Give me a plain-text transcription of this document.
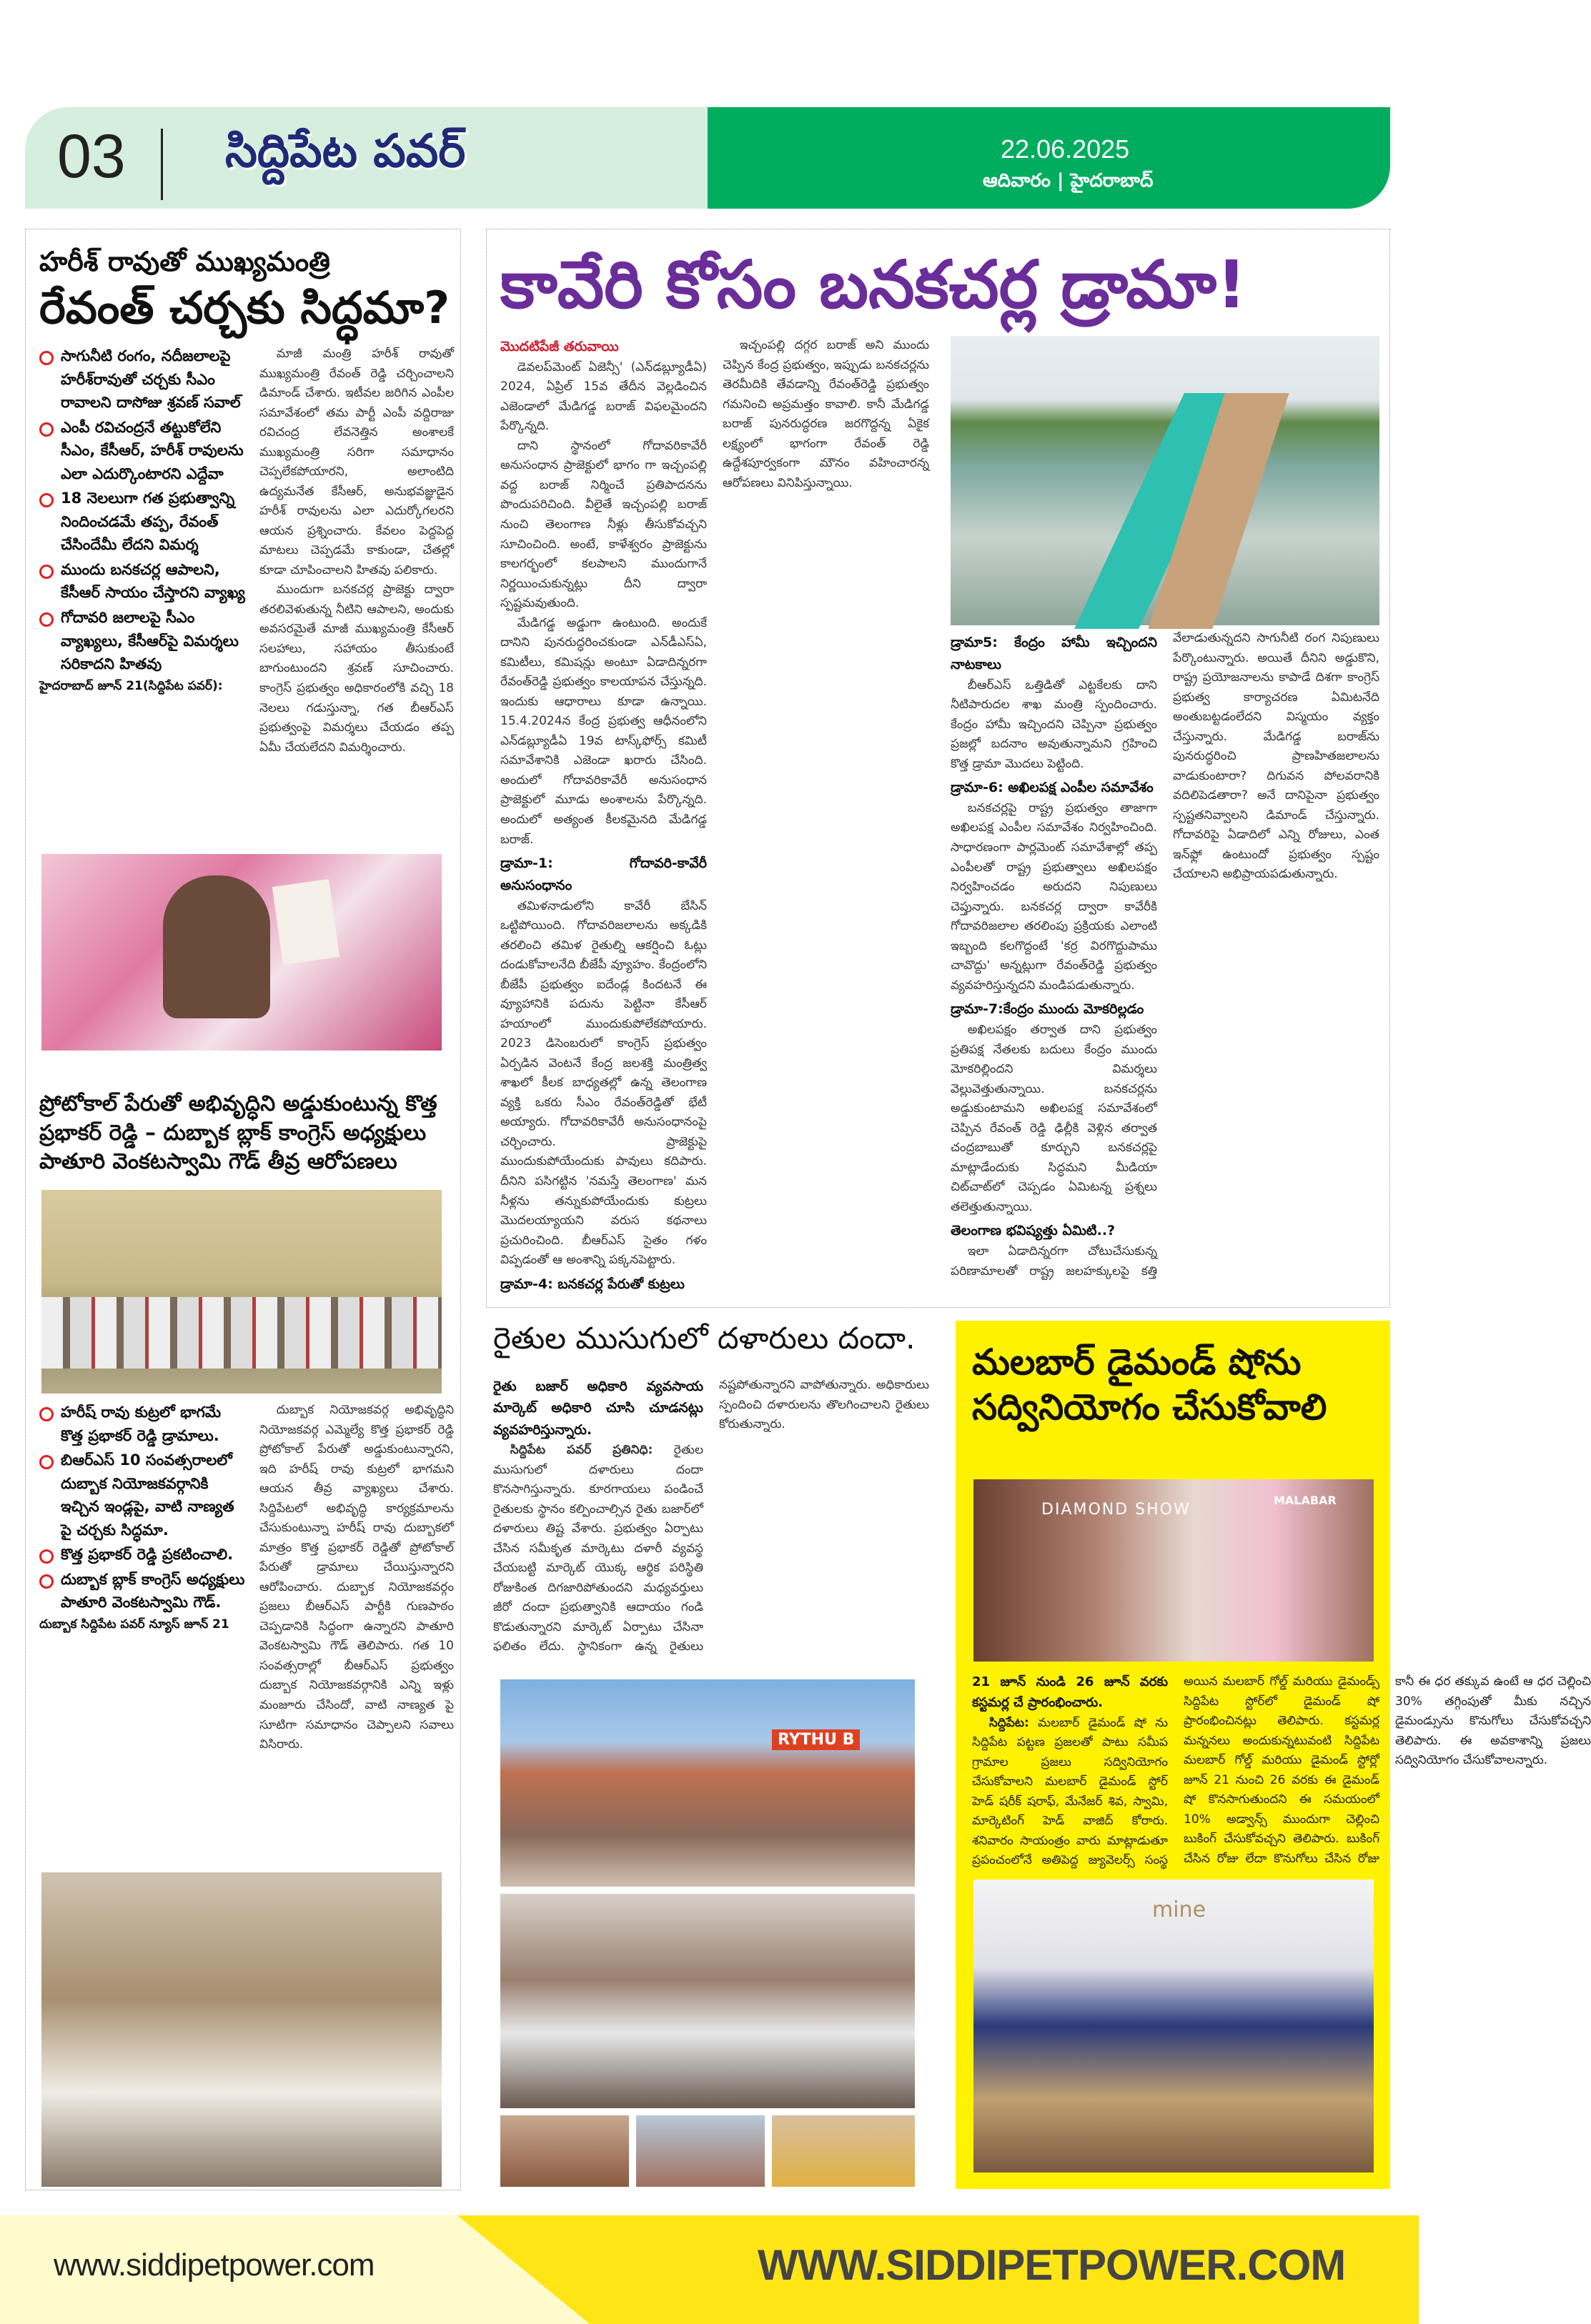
03 సిద్దిపేట పవర్	22.06.2025
ఆదివారం | హైదరాబాద్
హరీశ్ రావుతో ముఖ్యమంత్రి
రేవంత్ చర్చకు సిద్ధమా?
సాగునీటి రంగం, నదీజలాలపై హరీశ్‌రావుతో చర్చకు సీఎం రావాలని దాసోజు శ్రవణ్ సవాల్
ఎంపీ రవిచంద్రనే తట్టుకోలేని సీఎం, కేసీఆర్, హరీశ్ రావులను ఎలా ఎదుర్కొంటారని ఎద్దేవా
18 నెలలుగా గత ప్రభుత్వాన్ని నిందించడమే తప్ప, రేవంత్ చేసిందేమీ లేదని విమర్శ
ముందు బనకచర్ల ఆపాలని, కేసీఆర్ సాయం చేస్తారని వ్యాఖ్య
గోదావరి జలాలపై సీఎం వ్యాఖ్యలు, కేసీఆర్‌పై విమర్శలు సరికాదని హితవు
హైదరాబాద్ జూన్ 21(సిద్దిపేట పవర్):

మాజీ మంత్రి హరీశ్ రావుతో ముఖ్యమంత్రి రేవంత్ రెడ్డి చర్చించాలని డిమాండ్ చేశారు. ఇటీవల జరిగిన ఎంపీల సమావేశంలో తమ పార్టీ ఎంపీ వద్దిరాజు రవిచంద్ర లేవనెత్తిన అంశాలకే ముఖ్యమంత్రి సరిగా సమాధానం చెప్పలేకపోయారని, అలాంటిది ఉద్యమనేత కేసీఆర్, అనుభవజ్ఞుడైన హరీశ్ రావులను ఎలా ఎదుర్కోగలరని ఆయన ప్రశ్నించారు. కేవలం పెద్దపెద్ద మాటలు చెప్పడమే కాకుండా, చేతల్లో కూడా చూపించాలని హితవు పలికారు.

ముందుగా బనకచర్ల ప్రాజెక్టు ద్వారా తరలివెళుతున్న నీటిని ఆపాలని, అందుకు అవసరమైతే మాజీ ముఖ్యమంత్రి కేసీఆర్ సలహాలు, సహాయం తీసుకుంటే బాగుంటుందని శ్రవణ్ సూచించారు. కాంగ్రెస్ ప్రభుత్వం అధికారంలోకి వచ్చి 18 నెలలు గడుస్తున్నా, గత బీఆర్ఎస్ ప్రభుత్వంపై విమర్శలు చేయడం తప్ప ఏమీ చేయలేదని విమర్శించారు.

ప్రోటోకాల్ పేరుతో అభివృద్ధిని అడ్డుకుంటున్న కొత్త ప్రభాకర్ రెడ్డి – దుబ్బాక బ్లాక్ కాంగ్రెస్ అధ్యక్షులు పాతూరి వెంకటస్వామి గౌడ్ తీవ్ర ఆరోపణలు
హరీష్ రావు కుట్రలో భాగమే కొత్త ప్రభాకర్ రెడ్డి డ్రామాలు.
బిఆర్ఎస్ 10 సంవత్సరాలలో దుబ్బాక నియోజకవర్గానికి ఇచ్చిన ఇండ్లపై, వాటి నాణ్యత పై చర్చకు సిద్ధమా.
కొత్త ప్రభాకర్ రెడ్డి ప్రకటించాలి.
దుబ్బాక బ్లాక్ కాంగ్రెస్ అధ్యక్షులు పాతూరి వెంకటస్వామి గౌడ్.
దుబ్బాక సిద్దిపేట పవర్ న్యూస్ జూన్ 21

దుబ్బాక నియోజకవర్గ అభివృద్ధిని నియోజకవర్గ ఎమ్మెల్యే కొత్త ప్రభాకర్ రెడ్డి ప్రోటోకాల్ పేరుతో అడ్డుకుంటున్నారని, ఇది హరీష్ రావు కుట్రలో భాగమని ఆయన తీవ్ర వ్యాఖ్యలు చేశారు. సిద్దిపేటలో అభివృద్ధి కార్యక్రమాలను చేసుకుంటున్నా హరీష్ రావు దుబ్బాకలో మాత్రం కొత్త ప్రభాకర్ రెడ్డితో ప్రోటోకాల్ పేరుతో డ్రామాలు చేయిస్తున్నారని ఆరోపించారు. దుబ్బాక నియోజకవర్గం ప్రజలు బీఆర్ఎస్ పార్టీకి గుణపాఠం చెప్పడానికి సిద్ధంగా ఉన్నారని పాతూరి వెంకటస్వామి గౌడ్ తెలిపారు. గత 10 సంవత్సరాల్లో బీఆర్ఎస్ ప్రభుత్వం దుబ్బాక నియోజకవర్గానికి ఎన్ని ఇళ్లు మంజూరు చేసిందో, వాటి నాణ్యత పై సూటిగా సమాధానం చెప్పాలని సవాలు విసిరారు.

కావేరి కోసం బనకచర్ల డ్రామా!
మొదటిపేజీ తరువాయి

డెవలప్‌మెంట్ ఏజెన్సీ' (ఎన్‌డబ్ల్యూడీఏ) 2024, ఏప్రిల్ 15వ తేదీన వెల్లడించిన ఎజెండాలో మేడిగడ్డ బరాజ్ విఫలమైందని పేర్కొన్నది.

దాని స్థానంలో గోదావరికావేరీ అనుసంధాన ప్రాజెక్టులో భాగం గా ఇచ్చంపల్లి వద్ద బరాజ్ నిర్మించే ప్రతిపాదనను పొందుపరిచింది. వీలైతే ఇచ్చంపల్లి బరాజ్ నుంచి తెలంగాణ నీళ్లు తీసుకోవచ్చని సూచించింది. అంటే, కాళేశ్వరం ప్రాజెక్టును కాలగర్భంలో కలపాలని ముందుగానే నిర్ణయించుకున్నట్లు దీని ద్వారా స్పష్టమవుతుంది.

మేడిగడ్డ అడ్డుగా ఉంటుంది. అందుకే దానిని పునరుద్ధరించకుండా ఎన్‌డీఎస్‌ఏ, కమిటీలు, కమిషన్లు అంటూ ఏడాదిన్నరగా రేవంత్‌రెడ్డి ప్రభుత్వం కాలయాపన చేస్తున్నది. ఇందుకు ఆధారాలు కూడా ఉన్నాయి. 15.4.2024న కేంద్ర ప్రభుత్వ ఆధీనంలోని ఎన్‌డబ్ల్యూడీఏ 19వ టాస్క్‌ఫోర్స్ కమిటీ సమావేశానికి ఎజెండా ఖరారు చేసింది. అందులో గోదావరికావేరీ అనుసంధాన ప్రాజెక్టులో మూడు అంశాలను పేర్కొన్నది. అందులో అత్యంత కీలకమైనది మేడిగడ్డ బరాజ్.

డ్రామా-1: గోదావరి-కావేరీ అనుసంధానం

తమిళనాడులోని కావేరీ బేసిన్ ఒట్టిపోయింది. గోదావరిజలాలను అక్కడికి తరలించి తమిళ రైతుల్ని ఆకర్షించి ఓట్లు దండుకోవాలనేది బీజేపీ వ్యూహం. కేంద్రంలోని బీజేపీ ప్రభుత్వం ఐదేండ్ల కిందటనే ఈ వ్యూహానికి పదును పెట్టినా కేసీఆర్ హయాంలో ముందుకుపోలేకపోయారు. 2023 డిసెంబరులో కాంగ్రెస్ ప్రభుత్వం ఏర్పడిన వెంటనే కేంద్ర జలశక్తి మంత్రిత్వ శాఖలో కీలక బాధ్యతల్లో ఉన్న తెలంగాణ వ్యక్తి ఒకరు సీఎం రేవంత్‌రెడ్డితో భేటీ అయ్యారు. గోదావరికావేరీ అనుసంధానంపై చర్చించారు. ప్రాజెక్టుపై ముందుకుపోయేందుకు పావులు కదిపారు. దీనిని పసిగట్టిన 'నమస్తే తెలంగాణ' మన నీళ్లను తన్నుకుపోయేందుకు కుట్రలు మొదలయ్యాయని వరుస కథనాలు ప్రచురించింది. బీఆర్ఎస్ సైతం గళం విప్పడంతో ఆ అంశాన్ని పక్కనపెట్టారు.

డ్రామా-4: బనకచర్ల పేరుతో కుట్రలు

ఇచ్చంపల్లి దగ్గర బరాజ్ అని ముందు చెప్పిన కేంద్ర ప్రభుత్వం, ఇప్పుడు బనకచర్లను తెరమీదికి తేవడాన్ని రేవంత్‌రెడ్డి ప్రభుత్వం గమనించి అప్రమత్తం కావాలి. కానీ మేడిగడ్డ బరాజ్ పునరుద్ధరణ జరగొద్దన్న ఏకైక లక్ష్యంలో భాగంగా రేవంత్ రెడ్డి ఉద్దేశపూర్వకంగా మౌనం వహించారన్న ఆరోపణలు వినిపిస్తున్నాయి.

డ్రామా5: కేంద్రం హామీ ఇచ్చిందని నాటకాలు

బీఆర్ఎస్ ఒత్తిడితో ఎట్టకేలకు దాని నీటిపారుదల శాఖ మంత్రి స్పందించారు. కేంద్రం హామీ ఇచ్చిందని చెప్పినా ప్రభుత్వం ప్రజల్లో బదనాం అవుతున్నామని గ్రహించి కొత్త డ్రామా మొదలు పెట్టింది.

డ్రామా-6: అఖిలపక్ష ఎంపీల సమావేశం

బనకచర్లపై రాష్ట్ర ప్రభుత్వం తాజాగా అఖిలపక్ష ఎంపీల సమావేశం నిర్వహించింది. సాధారణంగా పార్లమెంట్ సమావేశాల్లో తప్ప ఎంపీలతో రాష్ట్ర ప్రభుత్వాలు అఖిలపక్షం నిర్వహించడం అరుదని నిపుణులు చెప్తున్నారు. బనకచర్ల ద్వారా కావేరీకి గోదావరిజలాల తరలింపు ప్రక్రియకు ఎలాంటి ఇబ్బంది కలగొద్దంటే 'కర్ర విరగొద్దుపాము చావొద్దు' అన్నట్లుగా రేవంత్‌రెడ్డి ప్రభుత్వం వ్యవహరిస్తున్నదని మండిపడుతున్నారు.

డ్రామా-7:కేంద్రం ముందు మోకరిల్లడం

అఖిలపక్షం తర్వాత దాని ప్రభుత్వం ప్రతిపక్ష నేతలకు బదులు కేంద్రం ముందు మోకరిల్లిందని విమర్శలు వెల్లువెత్తుతున్నాయి. బనకచర్లను అడ్డుకుంటామని అఖిలపక్ష సమావేశంలో చెప్పిన రేవంత్ రెడ్డి ఢిల్లీకి వెళ్లిన తర్వాత చంద్రబాబుతో కూర్చుని బనకచర్లపై మాట్లాడేందుకు సిద్ధమని మీడియా చిట్‌చాట్‌లో చెప్పడం ఏమిటన్న ప్రశ్నలు తలెత్తుతున్నాయి.

తెలంగాణ భవిష్యత్తు ఏమిటి..?

ఇలా ఏడాదిన్నరగా చోటుచేసుకున్న పరిణామాలతో రాష్ట్ర జలహక్కులపై కత్తి వేలాడుతున్నదని సాగునీటి రంగ నిపుణులు పేర్కొంటున్నారు. అయితే దీనిని అడ్డుకొని, రాష్ట్ర ప్రయోజనాలను కాపాడే దిశగా కాంగ్రెస్ ప్రభుత్వ కార్యాచరణ ఏమిటనేది అంతుబట్టడంలేదని విస్మయం వ్యక్తం చేస్తున్నారు. మేడిగడ్డ బరాజ్‌ను పునరుద్ధరించి ప్రాణహితజలాలను వాడుకుంటారా? దిగువన పోలవరానికి వదిలిపెడతారా? అనే దానిపైనా ప్రభుత్వం స్పష్టతనివ్వాలని డిమాండ్ చేస్తున్నారు. గోదావరిపై ఏడాదిలో ఎన్ని రోజులు, ఎంత ఇన్‌ఫ్లో ఉంటుందో ప్రభుత్వం స్పష్టం చేయాలని అభిప్రాయపడుతున్నారు.

రైతుల ముసుగులో దళారులు దందా.
రైతు బజార్ అధికారి వ్యవసాయ మార్కెట్ అధికారి చూసి చూడనట్లు వ్యవహరిస్తున్నారు.

సిద్దిపేట పవర్ ప్రతినిధి: రైతుల ముసుగులో దళారులు దందా కొనసాగిస్తున్నారు. కూరగాయలు పండించే రైతులకు స్థానం కల్పించాల్సిన రైతు బజార్‌లో దళారులు తిష్ట వేశారు. ప్రభుత్వం ఏర్పాటు చేసిన సమీకృత మార్కెటు దళారీ వ్యవస్థ చేయబట్టి మార్కెట్ యొక్క ఆర్థిక పరిస్థితి రోజుకింత దిగజారిపోతుందని మధ్యవర్తులు జీరో దందా ప్రభుత్వానికి ఆదాయం గండి కొడుతున్నారని మార్కెట్ ఏర్పాటు చేసినా ఫలితం లేదు. స్థానికంగా ఉన్న రైతులు నష్టపోతున్నారని వాపోతున్నారు. అధికారులు స్పందించి దళారులను తొలగించాలని రైతులు కోరుతున్నారు.

RYTHU B
మలబార్ డైమండ్ షోను సద్వినియోగం చేసుకోవాలి
DIAMOND SHOW
MALABAR
21 జూన్ నుండి 26 జూన్ వరకు కస్టమర్ల చే ప్రారంభించారు.

సిద్దిపేట: మలబార్ డైమండ్ షో ను సిద్దిపేట పట్టణ ప్రజలతో పాటు సమీప గ్రామాల ప్రజలు సద్వినియోగం చేసుకోవాలని మలబార్ డైమండ్ స్టోర్ హెడ్ షరీక్ షరాఫ్, మేనేజర్ శివ, స్వామి, మార్కెటింగ్ హెడ్ వాజిద్ కోరారు. శనివారం సాయంత్రం వారు మాట్లాడుతూ ప్రపంచంలోనే అతిపెద్ద జ్యువెలర్స్ సంస్థ అయిన మలబార్ గోల్డ్ మరియు డైమండ్స్ సిద్దిపేట స్టోర్‌లో డైమండ్ షో ప్రారంభించినట్లు తెలిపారు. కస్టమర్ల మన్ననలు అందుకున్నటువంటి సిద్దిపేట మలబార్ గోల్డ్ మరియు డైమండ్ స్టోర్లో జూన్ 21 నుంచి 26 వరకు ఈ డైమండ్ షో కొనసాగుతుందని ఈ సమయంలో 10% అడ్వాన్స్ ముందుగా చెల్లించి బుకింగ్ చేసుకోవచ్చని తెలిపారు. బుకింగ్ చేసిన రోజు లేదా కొనుగోలు చేసిన రోజు కానీ ఈ ధర తక్కువ ఉంటే ఆ ధర చెల్లించి 30% తగ్గింపుతో మీకు నచ్చిన డైమండ్సును కొనుగోలు చేసుకోవచ్చని తెలిపారు. ఈ అవకాశాన్ని ప్రజలు సద్వినియోగం చేసుకోవాలన్నారు.

mine
www.siddipetpower.com	WWW.SIDDIPETPOWER.COM
